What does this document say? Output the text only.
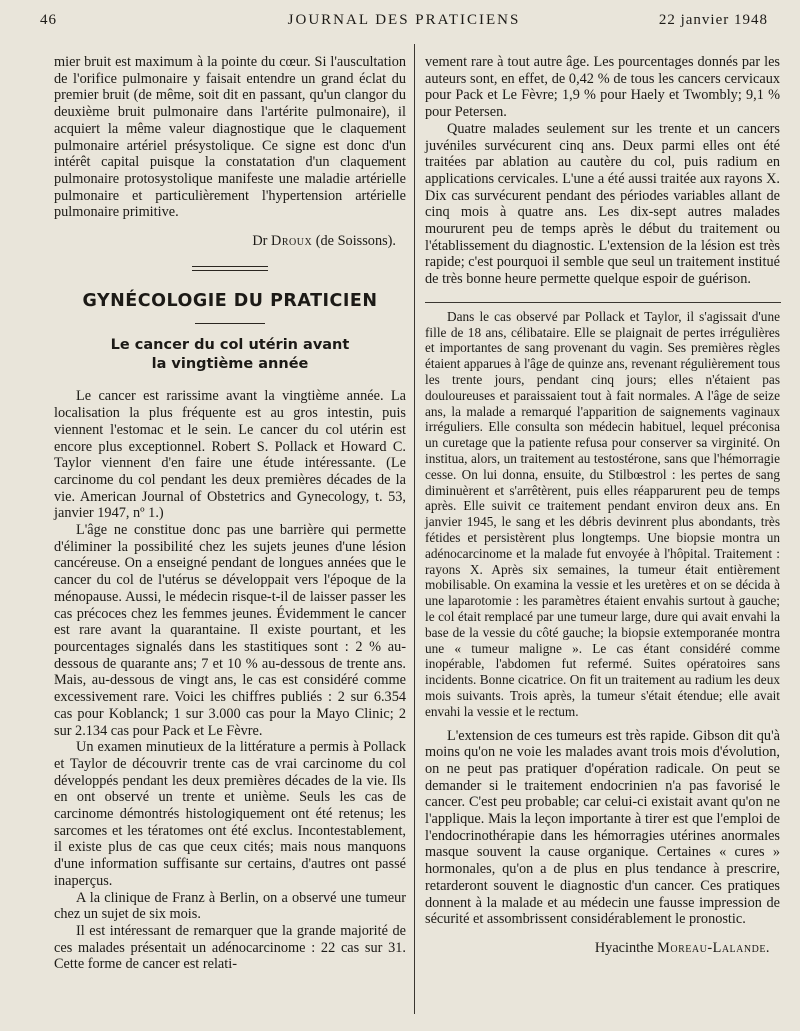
46	JOURNAL DES PRATICIENS	22 janvier 1948

mier bruit est maximum à la pointe du cœur. Si l'auscultation de l'orifice pulmonaire y faisait entendre un grand éclat du premier bruit (de même, soit dit en passant, qu'un clangor du deuxième bruit pulmonaire dans l'artérite pulmonaire), il acquiert la même valeur diagnostique que le claquement pulmonaire artériel présystolique. Ce signe est donc d'un intérêt capital puisque la constatation d'un claquement pulmonaire protosystolique manifeste une maladie artérielle pulmonaire et particulièrement l'hypertension artérielle pulmonaire primitive.

Dr Droux (de Soissons).

GYNÉCOLOGIE DU PRATICIEN
Le cancer du col utérin avant
la vingtième année

Le cancer est rarissime avant la vingtième année. La localisation la plus fréquente est au gros intestin, puis viennent l'estomac et le sein. Le cancer du col utérin est encore plus exceptionnel. Robert S. Pollack et Howard C. Taylor viennent d'en faire une étude intéressante. (Le carcinome du col pendant les deux premières décades de la vie. American Journal of Obstetrics and Gynecology, t. 53, janvier 1947, nº 1.)

L'âge ne constitue donc pas une barrière qui permette d'éliminer la possibilité chez les sujets jeunes d'une lésion cancéreuse. On a enseigné pendant de longues années que le cancer du col de l'utérus se développait vers l'époque de la ménopause. Aussi, le médecin risque-t-il de laisser passer les cas précoces chez les femmes jeunes. Évidemment le cancer est rare avant la quarantaine. Il existe pourtant, et les pourcentages signalés dans les stastitiques sont : 2 % au-dessous de quarante ans; 7 et 10 % au-dessous de trente ans. Mais, au-dessous de vingt ans, le cas est considéré comme excessivement rare. Voici les chiffres publiés : 2 sur 6.354 cas pour Koblanck; 1 sur 3.000 cas pour la Mayo Clinic; 2 sur 2.134 cas pour Pack et Le Fèvre.

Un examen minutieux de la littérature a permis à Pollack et Taylor de découvrir trente cas de vrai carcinome du col développés pendant les deux premières décades de la vie. Ils en ont observé un trente et unième. Seuls les cas de carcinome démontrés histologiquement ont été retenus; les sarcomes et les tératomes ont été exclus. Incontestablement, il existe plus de cas que ceux cités; mais nous manquons d'une information suffisante sur certains, d'autres ont passé inaperçus.

A la clinique de Franz à Berlin, on a observé une tumeur chez un sujet de six mois.

Il est intéressant de remarquer que la grande majorité de ces malades présentait un adénocarcinome : 22 cas sur 31. Cette forme de cancer est relati-

vement rare à tout autre âge. Les pourcentages donnés par les auteurs sont, en effet, de 0,42 % de tous les cancers cervicaux pour Pack et Le Fèvre; 1,9 % pour Haely et Twombly; 9,1 % pour Petersen.

Quatre malades seulement sur les trente et un cancers juvéniles survécurent cinq ans. Deux parmi elles ont été traitées par ablation au cautère du col, puis radium en applications cervicales. L'une a été aussi traitée aux rayons X. Dix cas survécurent pendant des périodes variables allant de cinq mois à quatre ans. Les dix-sept autres malades moururent peu de temps après le début du traitement ou l'établissement du diagnostic. L'extension de la lésion est très rapide; c'est pourquoi il semble que seul un traitement institué de très bonne heure permette quelque espoir de guérison.

Dans le cas observé par Pollack et Taylor, il s'agissait d'une fille de 18 ans, célibataire. Elle se plaignait de pertes irrégulières et importantes de sang provenant du vagin. Ses premières règles étaient apparues à l'âge de quinze ans, revenant régulièrement tous les trente jours, pendant cinq jours; elles n'étaient pas douloureuses et paraissaient tout à fait normales. A l'âge de seize ans, la malade a remarqué l'apparition de saignements vaginaux irréguliers. Elle consulta son médecin habituel, lequel préconisa un curetage que la patiente refusa pour conserver sa virginité. On institua, alors, un traitement au testostérone, sans que l'hémorragie cesse. On lui donna, ensuite, du Stilbœstrol : les pertes de sang diminuèrent et s'arrêtèrent, puis elles réapparurent peu de temps après. Elle suivit ce traitement pendant environ deux ans. En janvier 1945, le sang et les débris devinrent plus abondants, très fétides et persistèrent plus longtemps. Une biopsie montra un adénocarcinome et la malade fut envoyée à l'hôpital. Traitement : rayons X. Après six semaines, la tumeur était entièrement mobilisable. On examina la vessie et les uretères et on se décida à une laparotomie : les paramètres étaient envahis surtout à gauche; le col était remplacé par une tumeur large, dure qui avait envahi la base de la vessie du côté gauche; la biopsie extemporanée montra une « tumeur maligne ». Le cas étant considéré comme inopérable, l'abdomen fut refermé. Suites opératoires sans incidents. Bonne cicatrice. On fit un traitement au radium les deux mois suivants. Trois après, la tumeur s'était étendue; elle avait envahi la vessie et le rectum.

L'extension de ces tumeurs est très rapide. Gibson dit qu'à moins qu'on ne voie les malades avant trois mois d'évolution, on ne peut pas pratiquer d'opération radicale. On peut se demander si le traitement endocrinien n'a pas favorisé le cancer. C'est peu probable; car celui-ci existait avant qu'on ne l'applique. Mais la leçon importante à tirer est que l'emploi de l'endocrinothérapie dans les hémorragies utérines anormales masque souvent la cause organique. Certaines « cures » hormonales, qu'on a de plus en plus tendance à prescrire, retarderont souvent le diagnostic d'un cancer. Ces pratiques donnent à la malade et au médecin une fausse impression de sécurité et assombrissent considérablement le pronostic.

Hyacinthe Moreau-Lalande.
